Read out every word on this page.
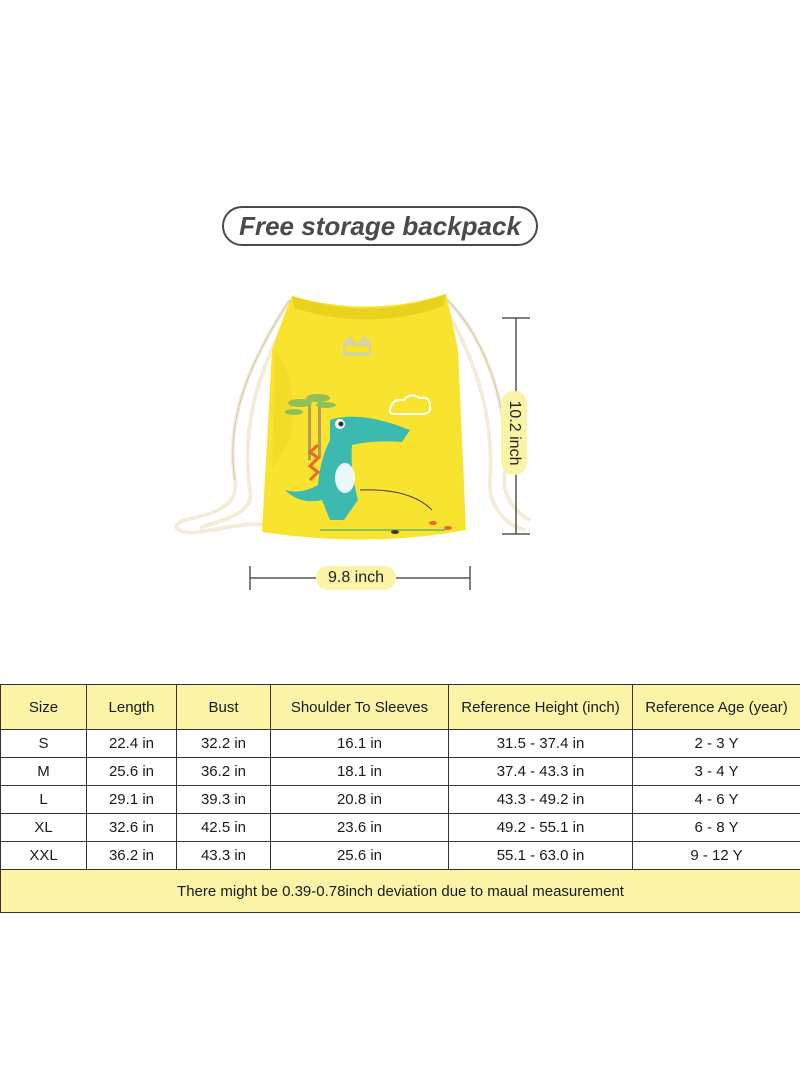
Free storage backpack
10.2 inch
9.8 inch
Size	Length	Bust	Shoulder To Sleeves	Reference Height (inch)	Reference Age (year)
S	22.4 in	32.2 in	16.1 in	31.5 - 37.4 in	2 - 3 Y
M	25.6 in	36.2 in	18.1 in	37.4 - 43.3 in	3 - 4 Y
L	29.1 in	39.3 in	20.8 in	43.3 - 49.2 in	4 - 6 Y
XL	32.6 in	42.5 in	23.6 in	49.2 - 55.1 in	6 - 8 Y
XXL	36.2 in	43.3 in	25.6 in	55.1 - 63.0 in	9 - 12 Y
There might be 0.39-0.78inch deviation due to maual measurement					
